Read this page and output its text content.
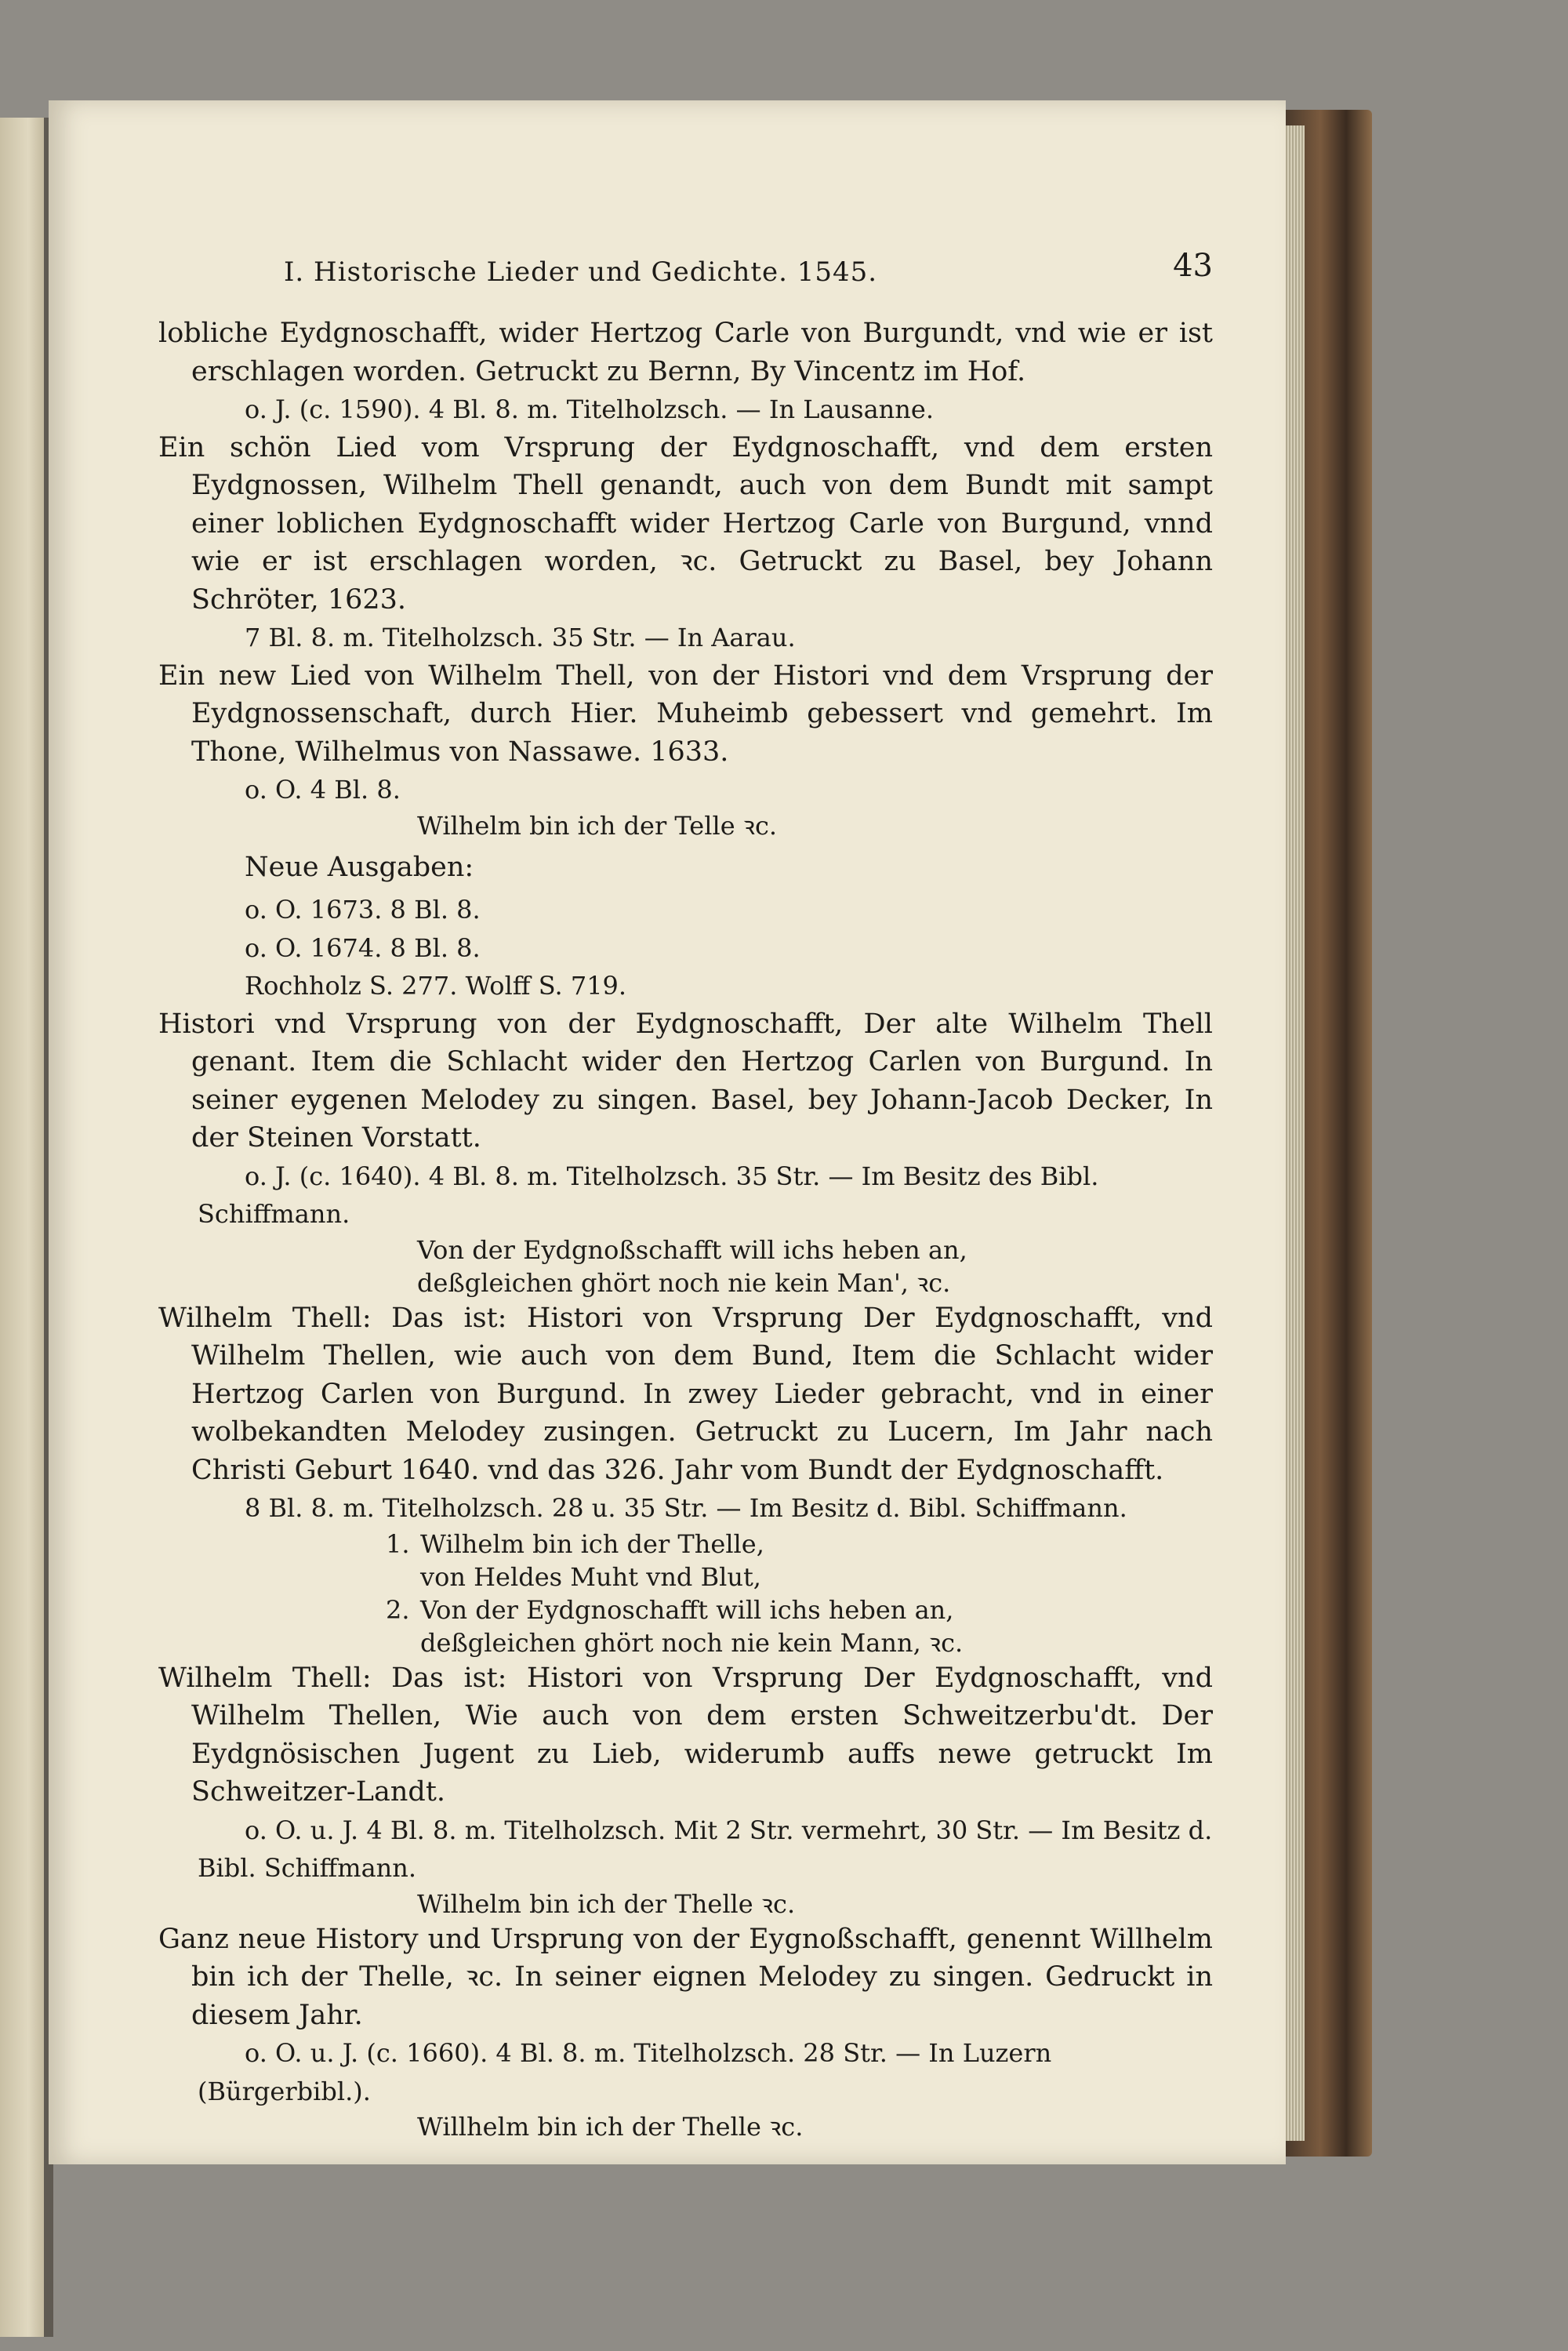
I. Historische Lieder und Gedichte. 1545.	43
lobliche Eydgnoschafft, wider Hertzog Carle von Burgundt, vnd wie er ist erschlagen worden. Getruckt zu Bernn, By Vincentz im Hof.
o. J. (c. 1590). 4 Bl. 8. m. Titelholzsch. — In Lausanne.
Ein schön Lied vom Vrsprung der Eydgnoschafft, vnd dem ersten Eydgnossen, Wilhelm Thell genandt, auch von dem Bundt mit sampt einer loblichen Eydgnoschafft wider Hertzog Carle von Burgund, vnnd wie er ist erschlagen worden, ꝛc. Getruckt zu Basel, bey Johann Schröter, 1623.
7 Bl. 8. m. Titelholzsch. 35 Str. — In Aarau.
Ein new Lied von Wilhelm Thell, von der Histori vnd dem Vrsprung der Eydgnossenschaft, durch Hier. Muheimb gebessert vnd gemehrt. Im Thone, Wilhelmus von Nassawe. 1633.
o. O. 4 Bl. 8.
Wilhelm bin ich der Telle ꝛc.
Neue Ausgaben:
o. O. 1673. 8 Bl. 8.
o. O. 1674. 8 Bl. 8.
Rochholz S. 277. Wolff S. 719.
Histori vnd Vrsprung von der Eydgnoschafft, Der alte Wilhelm Thell genant. Item die Schlacht wider den Hertzog Carlen von Burgund. In seiner eygenen Melodey zu singen. Basel, bey Johann-Jacob Decker, In der Steinen Vorstatt.
o. J. (c. 1640). 4 Bl. 8. m. Titelholzsch. 35 Str. — Im Besitz des Bibl. Schiffmann.
Von der Eydgnoßschafft will ichs heben an,
deßgleichen ghört noch nie kein Man', ꝛc.
Wilhelm Thell: Das ist: Histori von Vrsprung Der Eydgnoschafft, vnd Wilhelm Thellen, wie auch von dem Bund, Item die Schlacht wider Hertzog Carlen von Burgund. In zwey Lieder gebracht, vnd in einer wolbekandten Melodey zusingen. Getruckt zu Lucern, Im Jahr nach Christi Geburt 1640. vnd das 326. Jahr vom Bundt der Eydgnoschafft.
8 Bl. 8. m. Titelholzsch. 28 u. 35 Str. — Im Besitz d. Bibl. Schiffmann.
1. Wilhelm bin ich der Thelle,
von Heldes Muht vnd Blut,
2. Von der Eydgnoschafft will ichs heben an,
deßgleichen ghört noch nie kein Mann, ꝛc.
Wilhelm Thell: Das ist: Histori von Vrsprung Der Eydgnoschafft, vnd Wilhelm Thellen, Wie auch von dem ersten Schweitzerbu'dt. Der Eydgnösischen Jugent zu Lieb, widerumb auffs newe getruckt Im Schweitzer-Landt.
o. O. u. J. 4 Bl. 8. m. Titelholzsch. Mit 2 Str. vermehrt, 30 Str. — Im Besitz d. Bibl. Schiffmann.
Wilhelm bin ich der Thelle ꝛc.
Ganz neue History und Ursprung von der Eygnoßschafft, genennt Willhelm bin ich der Thelle, ꝛc. In seiner eignen Melodey zu singen. Gedruckt in diesem Jahr.
o. O. u. J. (c. 1660). 4 Bl. 8. m. Titelholzsch. 28 Str. — In Luzern (Bürgerbibl.).
Willhelm bin ich der Thelle ꝛc.
